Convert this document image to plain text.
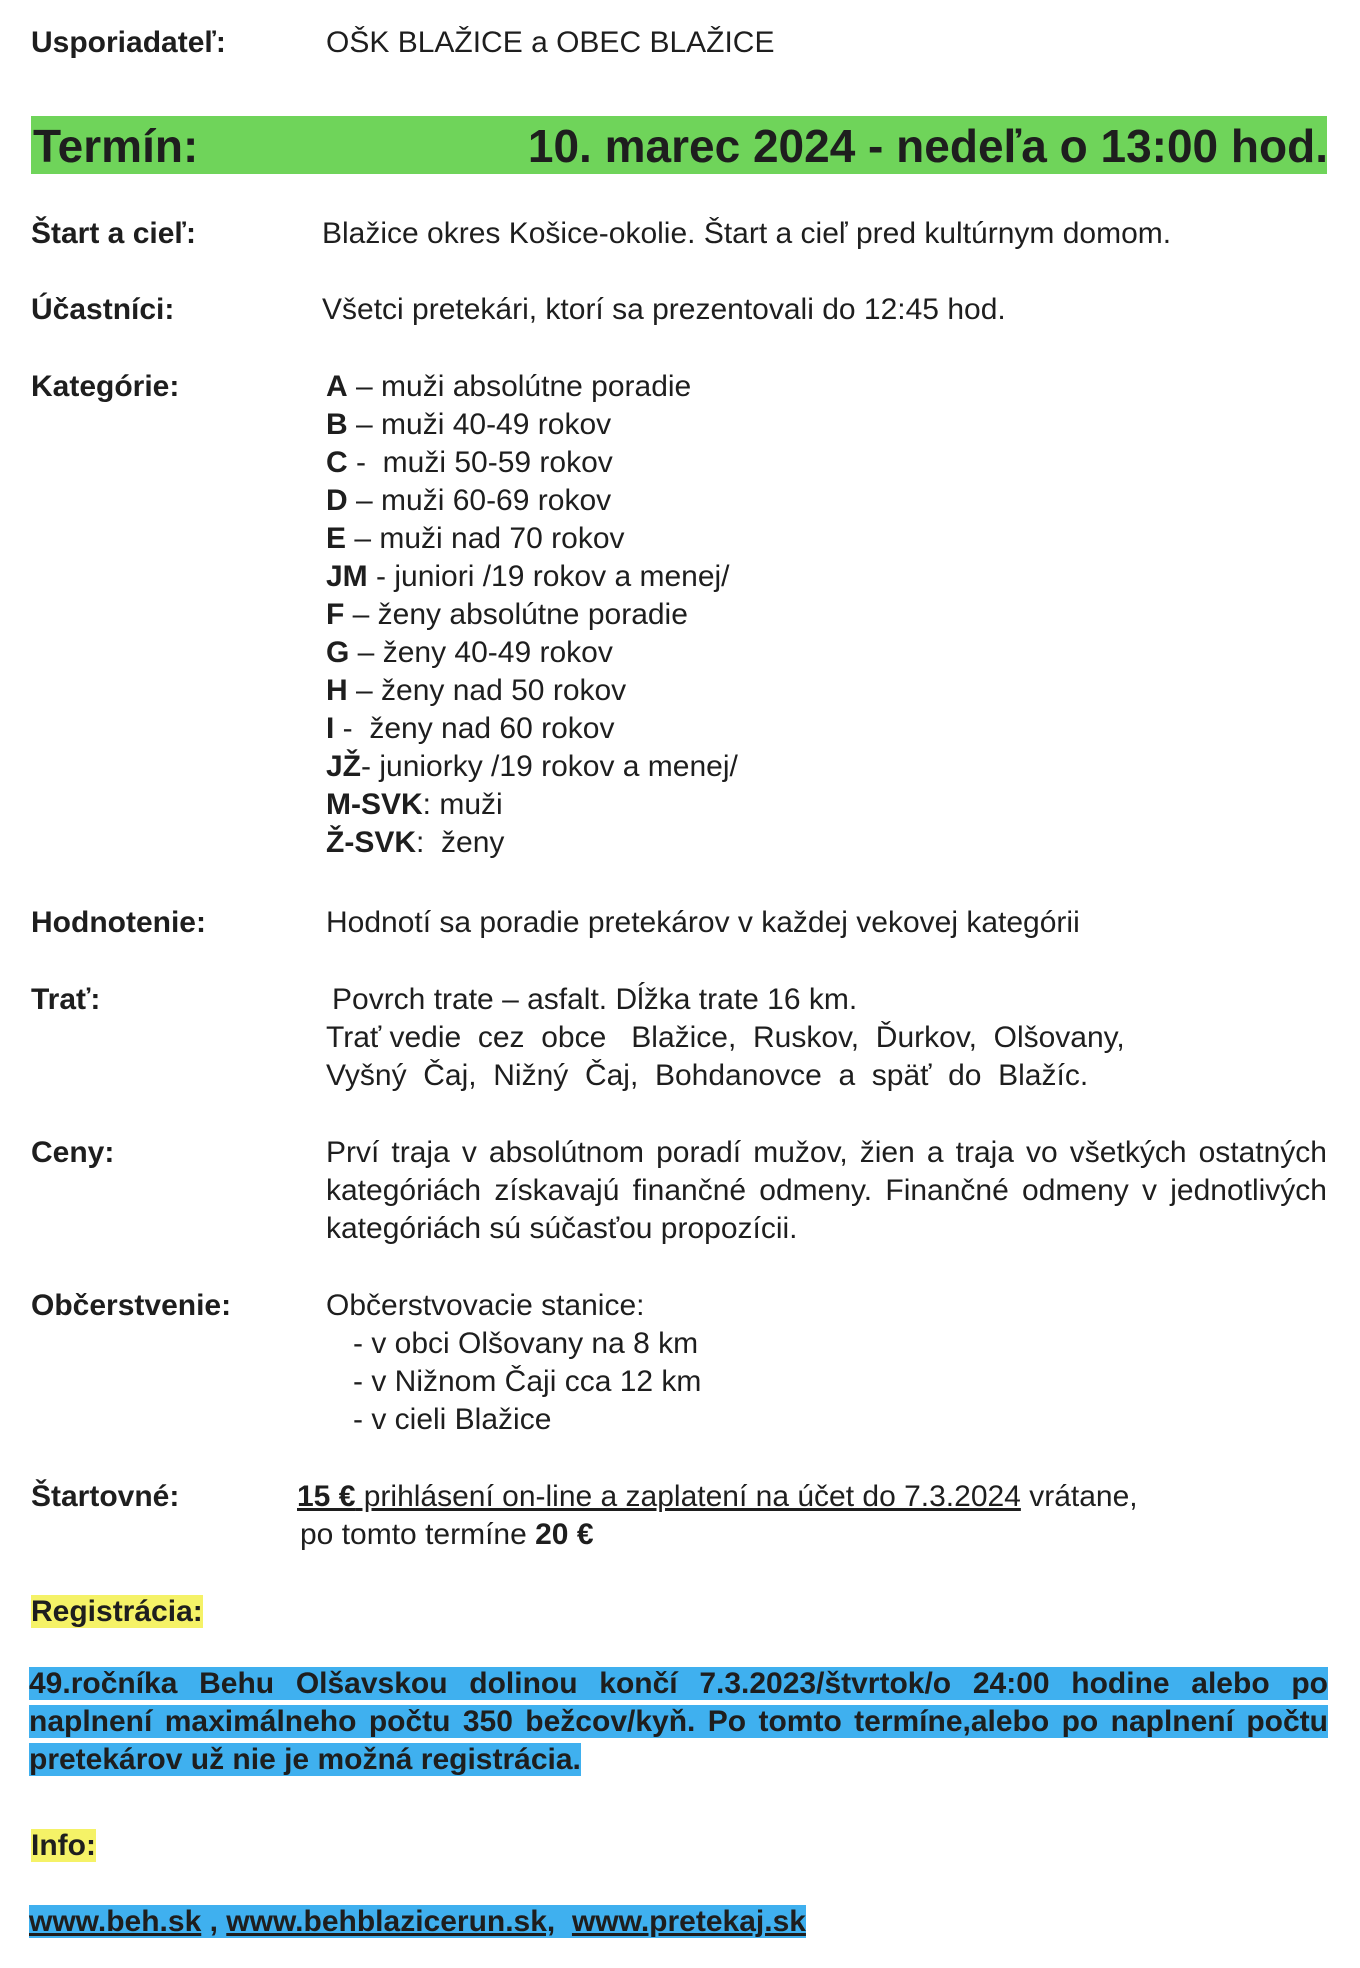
Usporiadateľ:	OŠK BLAŽICE a OBEC BLAŽICE
Termín:	10. marec 2024 - nedeľa o 13:00 hod.
Štart a cieľ:	Blažice okres Košice-okolie. Štart a cieľ pred kultúrnym domom.
Účastníci:	Všetci pretekári, ktorí sa prezentovali do 12:45 hod.
Kategórie:	A – muži absolútne poradie
B – muži 40-49 rokov
C -  muži 50-59 rokov
D – muži 60-69 rokov
E – muži nad 70 rokov
JM - juniori /19 rokov a menej/
F – ženy absolútne poradie
G – ženy 40-49 rokov
H – ženy nad 50 rokov
I -  ženy nad 60 rokov
JŽ- juniorky /19 rokov a menej/
M-SVK: muži
Ž-SVK:  ženy
Hodnotenie:	Hodnotí sa poradie pretekárov v každej vekovej kategórii
Trať:	Povrch trate – asfalt. Dĺžka trate 16 km.
Trať vedie  cez  obce   Blažice,  Ruskov,  Ďurkov,  Olšovany,
Vyšný  Čaj,  Nižný  Čaj,  Bohdanovce  a  späť  do  Blažíc.
Ceny:	Prví traja v absolútnom poradí mužov, žien a traja vo všetkých ostatných kategóriách získavajú finančné odmeny. Finančné odmeny v jednotlivých kategóriách sú súčasťou propozícii.
Občerstvenie:	Občerstvovacie stanice:
- v obci Olšovany na 8 km
- v Nižnom Čaji cca 12 km
- v cieli Blažice
Štartovné:	15 € prihlásení on-line a zaplatení na účet do 7.3.2024 vrátane,
po tomto termíne 20 €
Registrácia:
49.ročníka Behu Olšavskou dolinou končí 7.3.2023/štvrtok/o 24:00 hodine alebo po naplnení maximálneho počtu 350 bežcov/kyň. Po tomto termíne,alebo po naplnení počtu pretekárov už nie je možná registrácia.
Info:
www.beh.sk , www.behblazicerun.sk, www.pretekaj.sk
